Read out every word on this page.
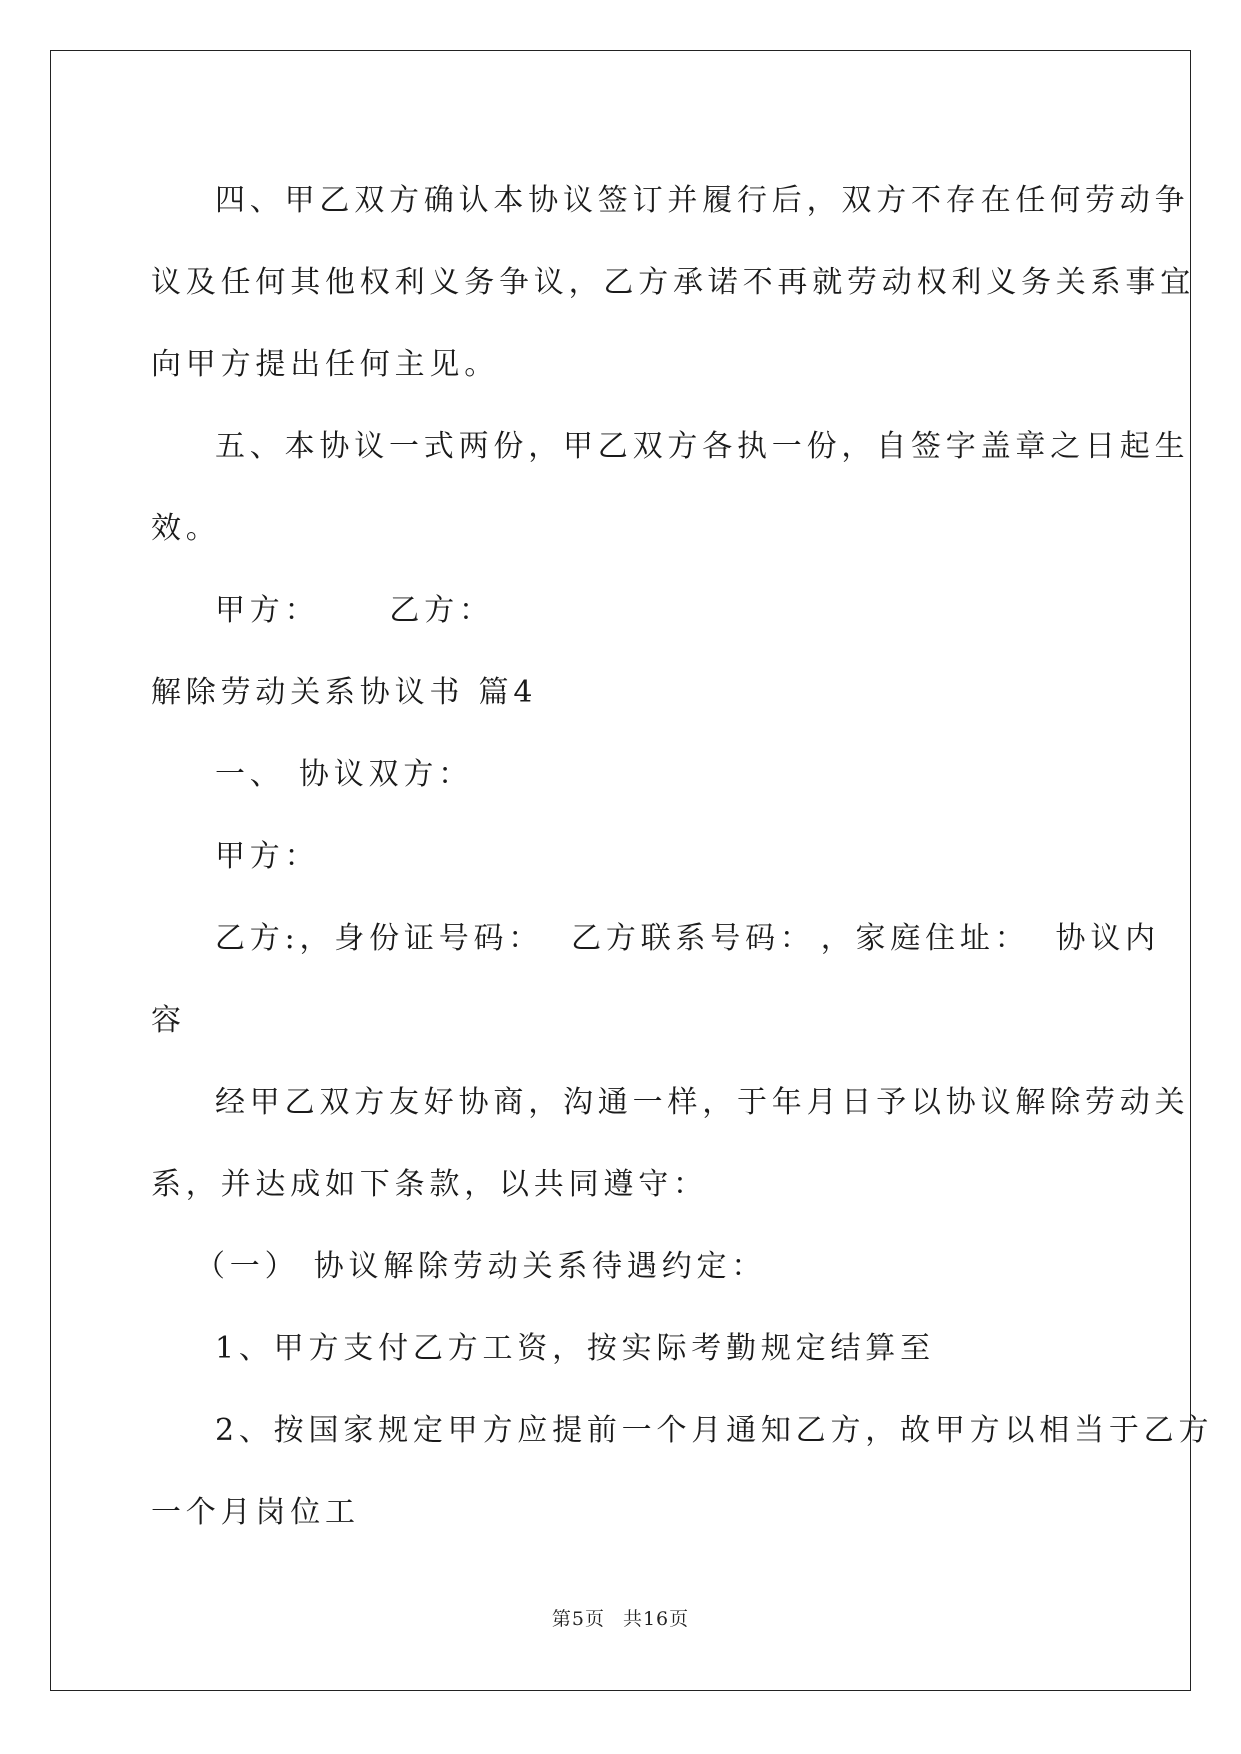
四、甲乙双方确认本协议签订并履行后，双方不存在任何劳动争

议及任何其他权利义务争议，乙方承诺不再就劳动权利义务关系事宜

向甲方提出任何主见。

五、本协议一式两份，甲乙双方各执一份，自签字盖章之日起生

效。

甲方： 乙方：

解除劳动关系协议书 篇4

一、 协议双方：

甲方：

乙方:，身份证号码： 乙方联系号码： ，家庭住址： 协议内

容

经甲乙双方友好协商，沟通一样，于年月日予以协议解除劳动关

系，并达成如下条款，以共同遵守：

（一） 协议解除劳动关系待遇约定：

1、甲方支付乙方工资，按实际考勤规定结算至

2、按国家规定甲方应提前一个月通知乙方，故甲方以相当于乙方

一个月岗位工

第5页 共16页
